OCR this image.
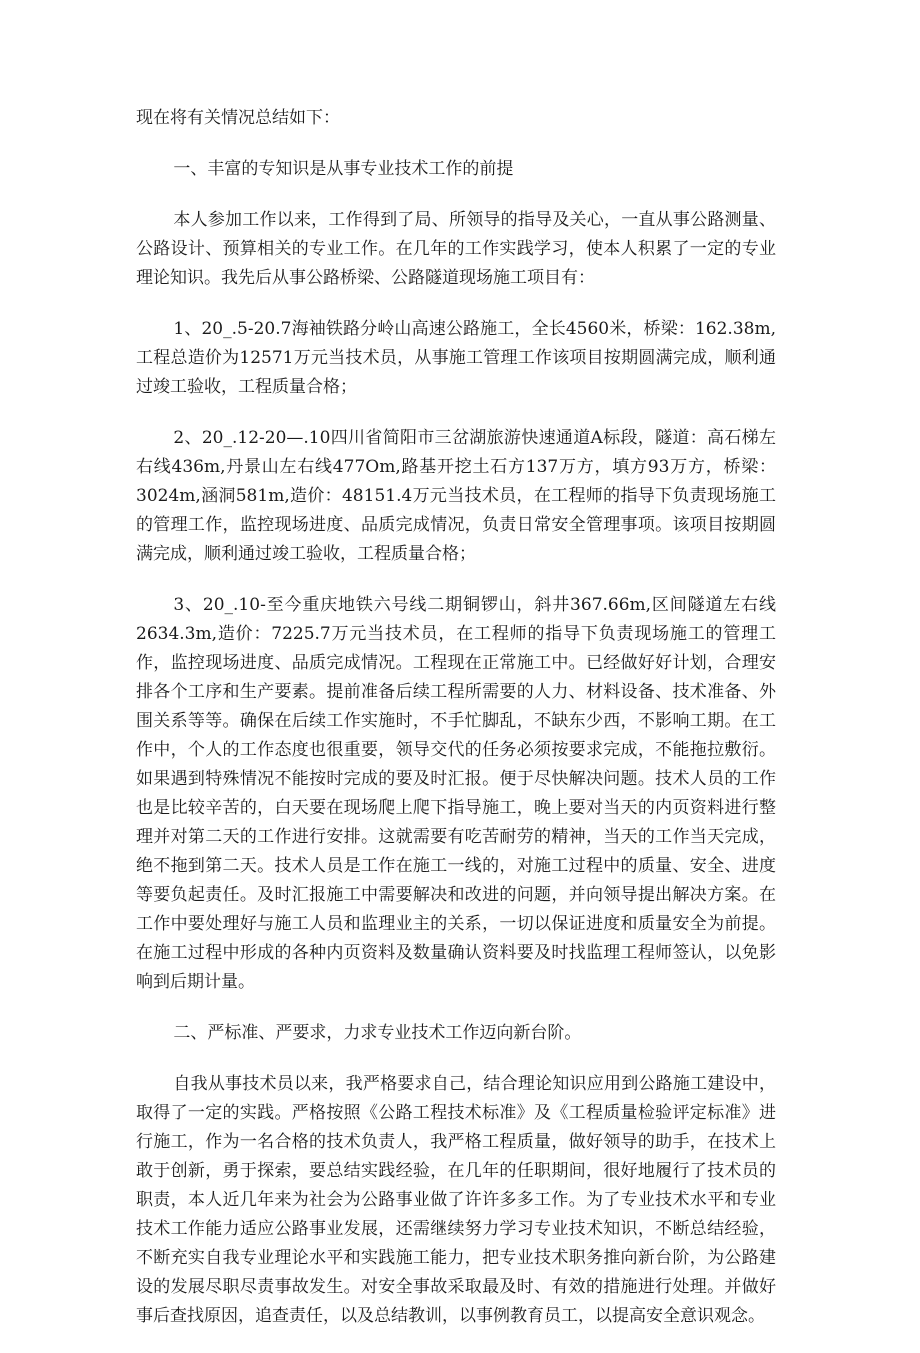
现在将有关情况总结如下：

一、丰富的专知识是从事专业技术工作的前提

本人参加工作以来，工作得到了局、所领导的指导及关心，一直从事公路测量、公路设计、预算相关的专业工作。在几年的工作实践学习，使本人积累了一定的专业理论知识。我先后从事公路桥梁、公路隧道现场施工项目有：

1、20_.5-20.7海袖铁路分岭山高速公路施工，全长4560米，桥梁：162.38m,工程总造价为12571万元当技术员，从事施工管理工作该项目按期圆满完成，顺利通过竣工验收，工程质量合格；

2、20_.12-20—.10四川省简阳市三岔湖旅游快速通道A标段，隧道：高石梯左右线436m,丹景山左右线477Om,路基开挖土石方137万方，填方93万方，桥梁：3024m,涵洞581m,造价：48151.4万元当技术员，在工程师的指导下负责现场施工的管理工作，监控现场进度、品质完成情况，负责日常安全管理事项。该项目按期圆满完成，顺利通过竣工验收，工程质量合格；

3、20_.10-至今重庆地铁六号线二期铜锣山，斜井367.66m,区间隧道左右线2634.3m,造价：7225.7万元当技术员，在工程师的指导下负责现场施工的管理工作，监控现场进度、品质完成情况。工程现在正常施工中。已经做好好计划，合理安排各个工序和生产要素。提前准备后续工程所需要的人力、材料设备、技术准备、外围关系等等。确保在后续工作实施时，不手忙脚乱，不缺东少西，不影响工期。在工作中，个人的工作态度也很重要，领导交代的任务必须按要求完成，不能拖拉敷衍。如果遇到特殊情况不能按时完成的要及时汇报。便于尽快解决问题。技术人员的工作也是比较辛苦的，白天要在现场爬上爬下指导施工，晚上要对当天的内页资料进行整理并对第二天的工作进行安排。这就需要有吃苦耐劳的精神，当天的工作当天完成，绝不拖到第二天。技术人员是工作在施工一线的，对施工过程中的质量、安全、进度等要负起责任。及时汇报施工中需要解决和改进的问题，并向领导提出解决方案。在工作中要处理好与施工人员和监理业主的关系，一切以保证进度和质量安全为前提。在施工过程中形成的各种内页资料及数量确认资料要及时找监理工程师签认，以免影响到后期计量。

二、严标准、严要求，力求专业技术工作迈向新台阶。

自我从事技术员以来，我严格要求自己，结合理论知识应用到公路施工建设中，取得了一定的实践。严格按照《公路工程技术标准》及《工程质量检验评定标准》进行施工，作为一名合格的技术负责人，我严格工程质量，做好领导的助手，在技术上敢于创新，勇于探索，要总结实践经验，在几年的任职期间，很好地履行了技术员的职责，本人近几年来为社会为公路事业做了许许多多工作。为了专业技术水平和专业技术工作能力适应公路事业发展，还需继续努力学习专业技术知识，不断总结经验，不断充实自我专业理论水平和实践施工能力，把专业技术职务推向新台阶，为公路建设的发展尽职尽责事故发生。对安全事故采取最及时、有效的措施进行处理。并做好事后查找原因，追查责任，以及总结教训，以事例教育员工，以提高安全意识观念。
